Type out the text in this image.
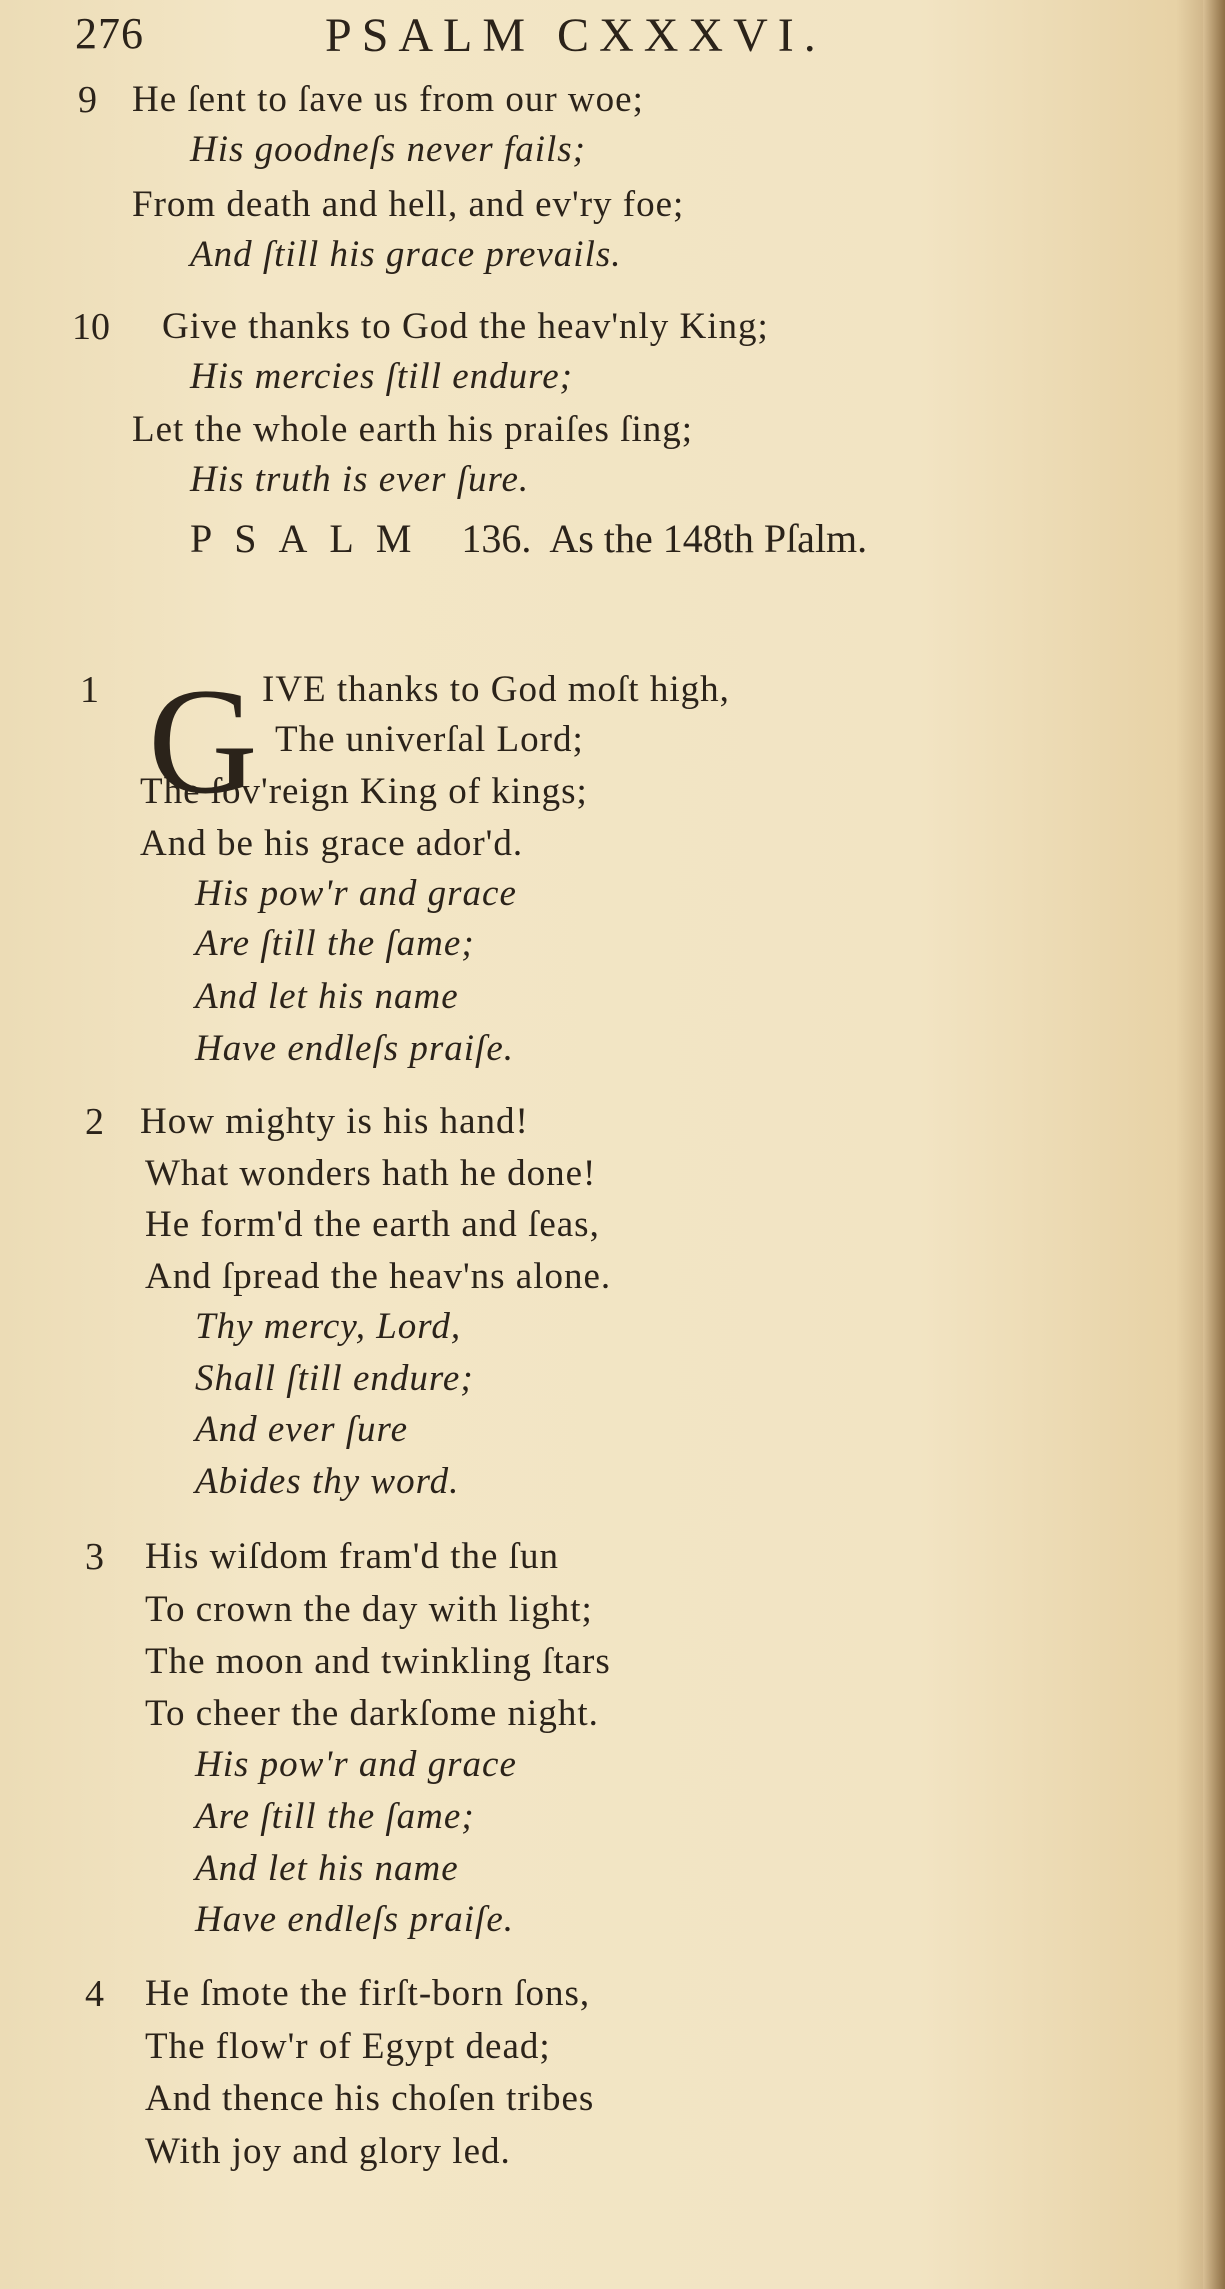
276	PSALM CXXXVI.
9 He ſent to ſave us from our woe;
His goodneſs never fails;
From death and hell, and ev'ry foe;
And ſtill his grace prevails.
10 Give thanks to God the heav'nly King;
His mercies ſtill endure;
Let the whole earth his praiſes ſing;
His truth is ever ſure.
PSALM 136. As the 148th Pſalm.
1 G IVE thanks to God moſt high,
The univerſal Lord;
The ſov'reign King of kings;
And be his grace ador'd.
His pow'r and grace
Are ſtill the ſame;
And let his name
Have endleſs praiſe.
2 How mighty is his hand!
What wonders hath he done!
He form'd the earth and ſeas,
And ſpread the heav'ns alone.
Thy mercy, Lord,
Shall ſtill endure;
And ever ſure
Abides thy word.
3 His wiſdom fram'd the ſun
To crown the day with light;
The moon and twinkling ſtars
To cheer the darkſome night.
His pow'r and grace
Are ſtill the ſame;
And let his name
Have endleſs praiſe.
4 He ſmote the firſt-born ſons,
The flow'r of Egypt dead;
And thence his choſen tribes
With joy and glory led.
